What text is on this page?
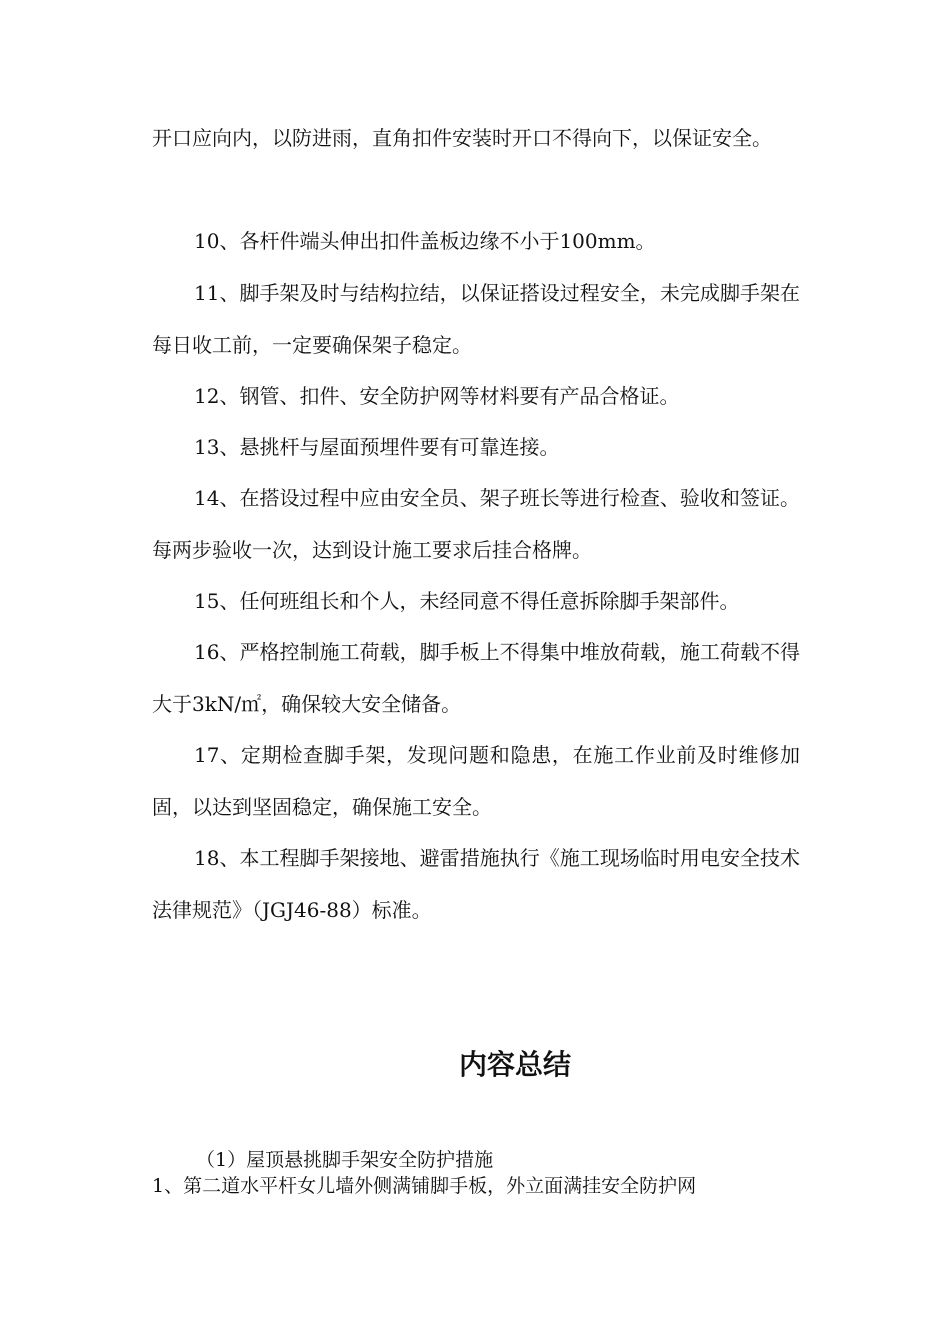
开口应向内，以防进雨，直角扣件安装时开口不得向下，以保证安全。

10、各杆件端头伸出扣件盖板边缘不小于100mm。

11、脚手架及时与结构拉结，以保证搭设过程安全，未完成脚手架在每日收工前，一定要确保架子稳定。

12、钢管、扣件、安全防护网等材料要有产品合格证。

13、悬挑杆与屋面预埋件要有可靠连接。

14、在搭设过程中应由安全员、架子班长等进行检查、验收和签证。每两步验收一次，达到设计施工要求后挂合格牌。

15、任何班组长和个人，未经同意不得任意拆除脚手架部件。

16、严格控制施工荷载，脚手板上不得集中堆放荷载，施工荷载不得大于3kN/㎡，确保较大安全储备。

17、定期检查脚手架，发现问题和隐患，在施工作业前及时维修加固，以达到坚固稳定，确保施工安全。

18、本工程脚手架接地、避雷措施执行《施工现场临时用电安全技术法律规范》（JGJ46-88）标准。

内容总结

（1）屋顶悬挑脚手架安全防护措施

1、第二道水平杆女儿墙外侧满铺脚手板，外立面满挂安全防护网
